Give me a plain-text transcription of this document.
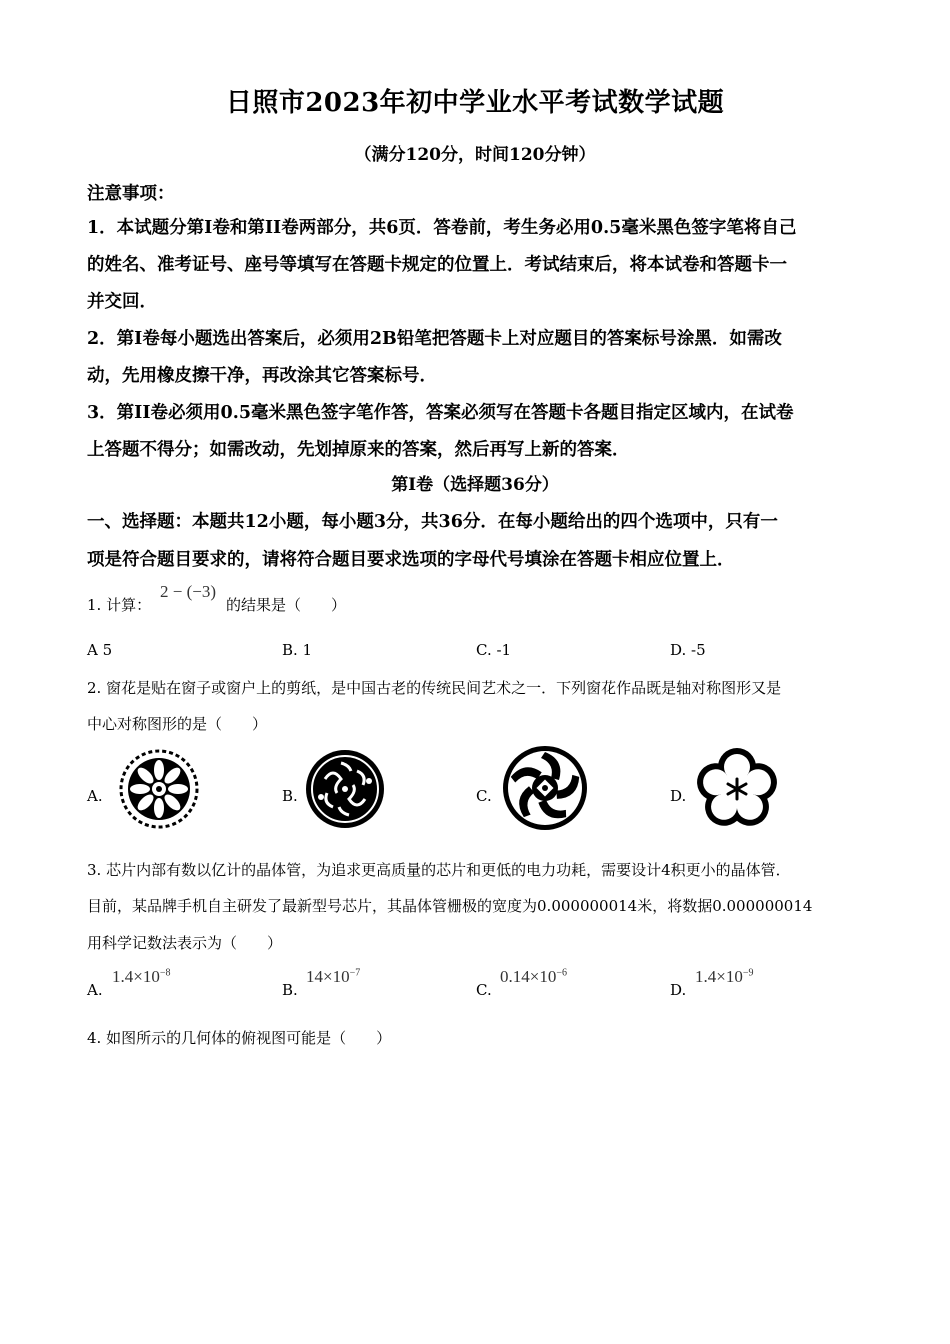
日照市2023年初中学业水平考试数学试题
（满分120分，时间120分钟）
注意事项：
1．本试题分第I卷和第II卷两部分，共6页．答卷前，考生务必用0.5毫米黑色签字笔将自己
的姓名、准考证号、座号等填写在答题卡规定的位置上．考试结束后，将本试卷和答题卡一
并交回．
2．第I卷每小题选出答案后，必须用2B铅笔把答题卡上对应题目的答案标号涂黑．如需改
动，先用橡皮擦干净，再改涂其它答案标号．
3．第II卷必须用0.5毫米黑色签字笔作答，答案必须写在答题卡各题目指定区域内，在试卷
上答题不得分；如需改动，先划掉原来的答案，然后再写上新的答案．
第I卷（选择题36分）
一、选择题：本题共12小题，每小题3分，共36分．在每小题给出的四个选项中，只有一
项是符合题目要求的，请将符合题目要求选项的字母代号填涂在答题卡相应位置上．
1. 计算：
2 − (−3)
的结果是（　　）
A 5	B. 1	C. -1	D. -5
2. 窗花是贴在窗子或窗户上的剪纸，是中国古老的传统民间艺术之一．下列窗花作品既是轴对称图形又是
中心对称图形的是（　　）
A.	B.	C.	D.
3. 芯片内部有数以亿计的晶体管，为追求更高质量的芯片和更低的电力功耗，需要设计4积更小的晶体管．
目前，某品牌手机自主研发了最新型号芯片，其晶体管栅极的宽度为0.000000014米，将数据0.000000014
用科学记数法表示为（　　）
A.
$1.4\times 10^{-8}$
B.
$14\times 10^{-7}$
C.
$0.14\times 10^{-6}$
D.
$1.4\times 10^{-9}$
4. 如图所示的几何体的俯视图可能是（　　）
